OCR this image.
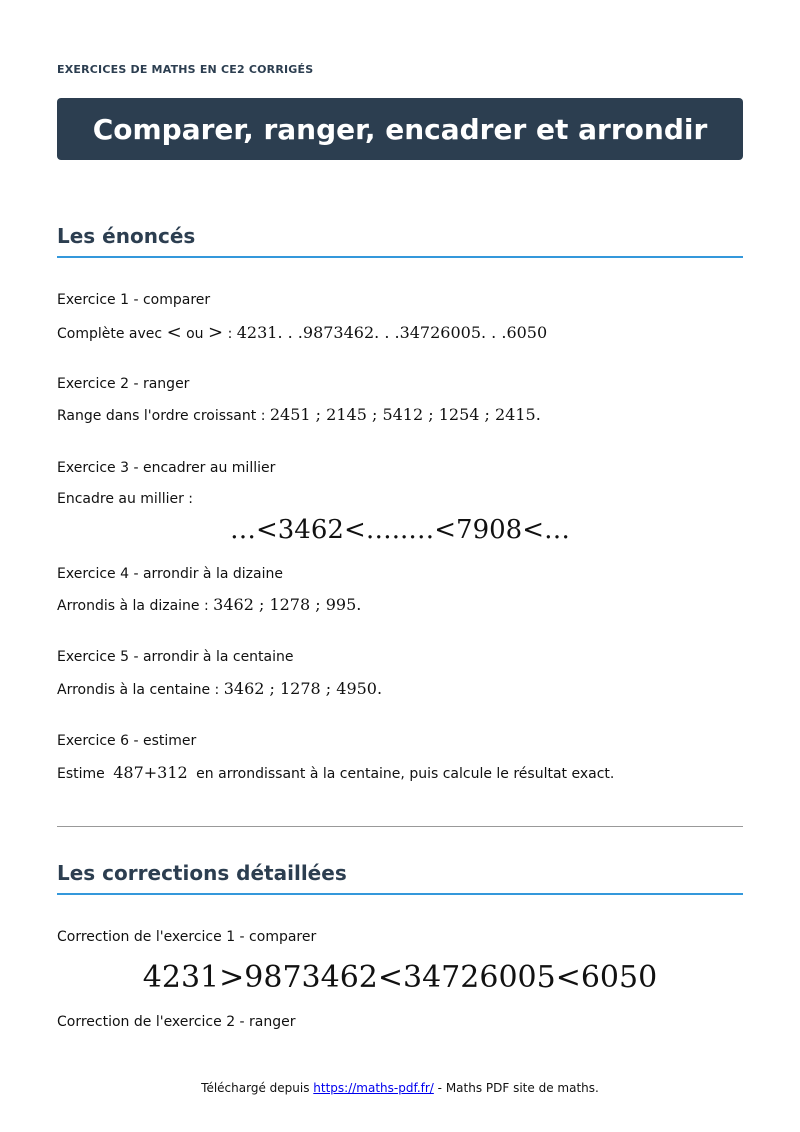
EXERCICES DE MATHS EN CE2 CORRIGÉS
Comparer, ranger, encadrer et arrondir
Les énoncés
Exercice 1 - comparer
Complète avec < ou > : 4231. . .9873462. . .34726005. . .6050
Exercice 2 - ranger
Range dans l'ordre croissant : 2451 ; 2145 ; 5412 ; 1254 ; 2415.
Exercice 3 - encadrer au millier
Encadre au millier :
…<3462<…..…<7908<…
Exercice 4 - arrondir à la dizaine
Arrondis à la dizaine : 3462 ; 1278 ; 995.
Exercice 5 - arrondir à la centaine
Arrondis à la centaine : 3462 ; 1278 ; 4950.
Exercice 6 - estimer
Estime 487+312 en arrondissant à la centaine, puis calcule le résultat exact.
Les corrections détaillées
Correction de l'exercice 1 - comparer
4231>9873462<34726005<6050
Correction de l'exercice 2 - ranger
Téléchargé depuis https://maths-pdf.fr/ - Maths PDF site de maths.
